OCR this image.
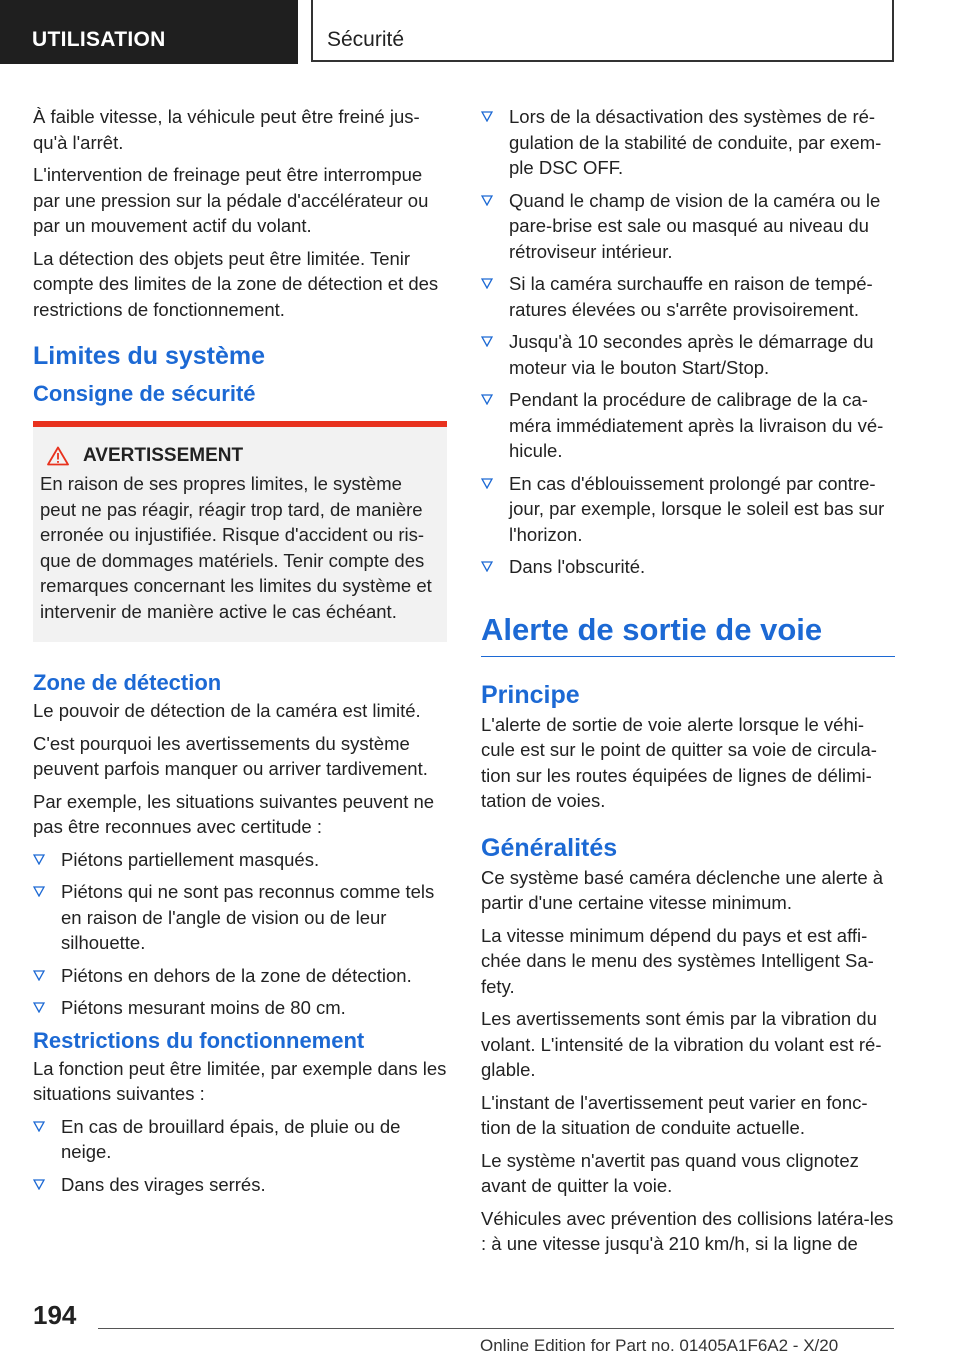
UTILISATION	Sécurité

À faible vitesse, la véhicule peut être freiné jus-qu'à l'arrêt.

L'intervention de freinage peut être interrompue par une pression sur la pédale d'accélérateur ou par un mouvement actif du volant.

La détection des objets peut être limitée. Tenir compte des limites de la zone de détection et des restrictions de fonctionnement.

Limites du système
Consigne de sécurité
AVERTISSEMENT

En raison de ses propres limites, le système peut ne pas réagir, réagir trop tard, de manière erronée ou injustifiée. Risque d'accident ou ris-que de dommages matériels. Tenir compte des remarques concernant les limites du système et intervenir de manière active le cas échéant.

Zone de détection

Le pouvoir de détection de la caméra est limité.

C'est pourquoi les avertissements du système peuvent parfois manquer ou arriver tardivement.

Par exemple, les situations suivantes peuvent ne pas être reconnues avec certitude :

Piétons partiellement masqués.
Piétons qui ne sont pas reconnus comme tels en raison de l'angle de vision ou de leur silhouette.
Piétons en dehors de la zone de détection.
Piétons mesurant moins de 80 cm.
Restrictions du fonctionnement

La fonction peut être limitée, par exemple dans les situations suivantes :

En cas de brouillard épais, de pluie ou de neige.
Dans des virages serrés.
Lors de la désactivation des systèmes de ré-gulation de la stabilité de conduite, par exem-ple DSC OFF.
Quand le champ de vision de la caméra ou le pare-brise est sale ou masqué au niveau du rétroviseur intérieur.
Si la caméra surchauffe en raison de tempé-ratures élevées ou s'arrête provisoirement.
Jusqu'à 10 secondes après le démarrage du moteur via le bouton Start/Stop.
Pendant la procédure de calibrage de la ca-méra immédiatement après la livraison du vé-hicule.
En cas d'éblouissement prolongé par contre-jour, par exemple, lorsque le soleil est bas sur l'horizon.
Dans l'obscurité.
Alerte de sortie de voie
Principe

L'alerte de sortie de voie alerte lorsque le véhi-cule est sur le point de quitter sa voie de circula-tion sur les routes équipées de lignes de délimi-tation de voies.

Généralités

Ce système basé caméra déclenche une alerte à partir d'une certaine vitesse minimum.

La vitesse minimum dépend du pays et est affi-chée dans le menu des systèmes Intelligent Sa-fety.

Les avertissements sont émis par la vibration du volant. L'intensité de la vibration du volant est ré-glable.

L'instant de l'avertissement peut varier en fonc-tion de la situation de conduite actuelle.

Le système n'avertit pas quand vous clignotez avant de quitter la voie.

Véhicules avec prévention des collisions latéra-les : à une vitesse jusqu'à 210 km/h, si la ligne de

194
Online Edition for Part no. 01405A1F6A2 - X/20
